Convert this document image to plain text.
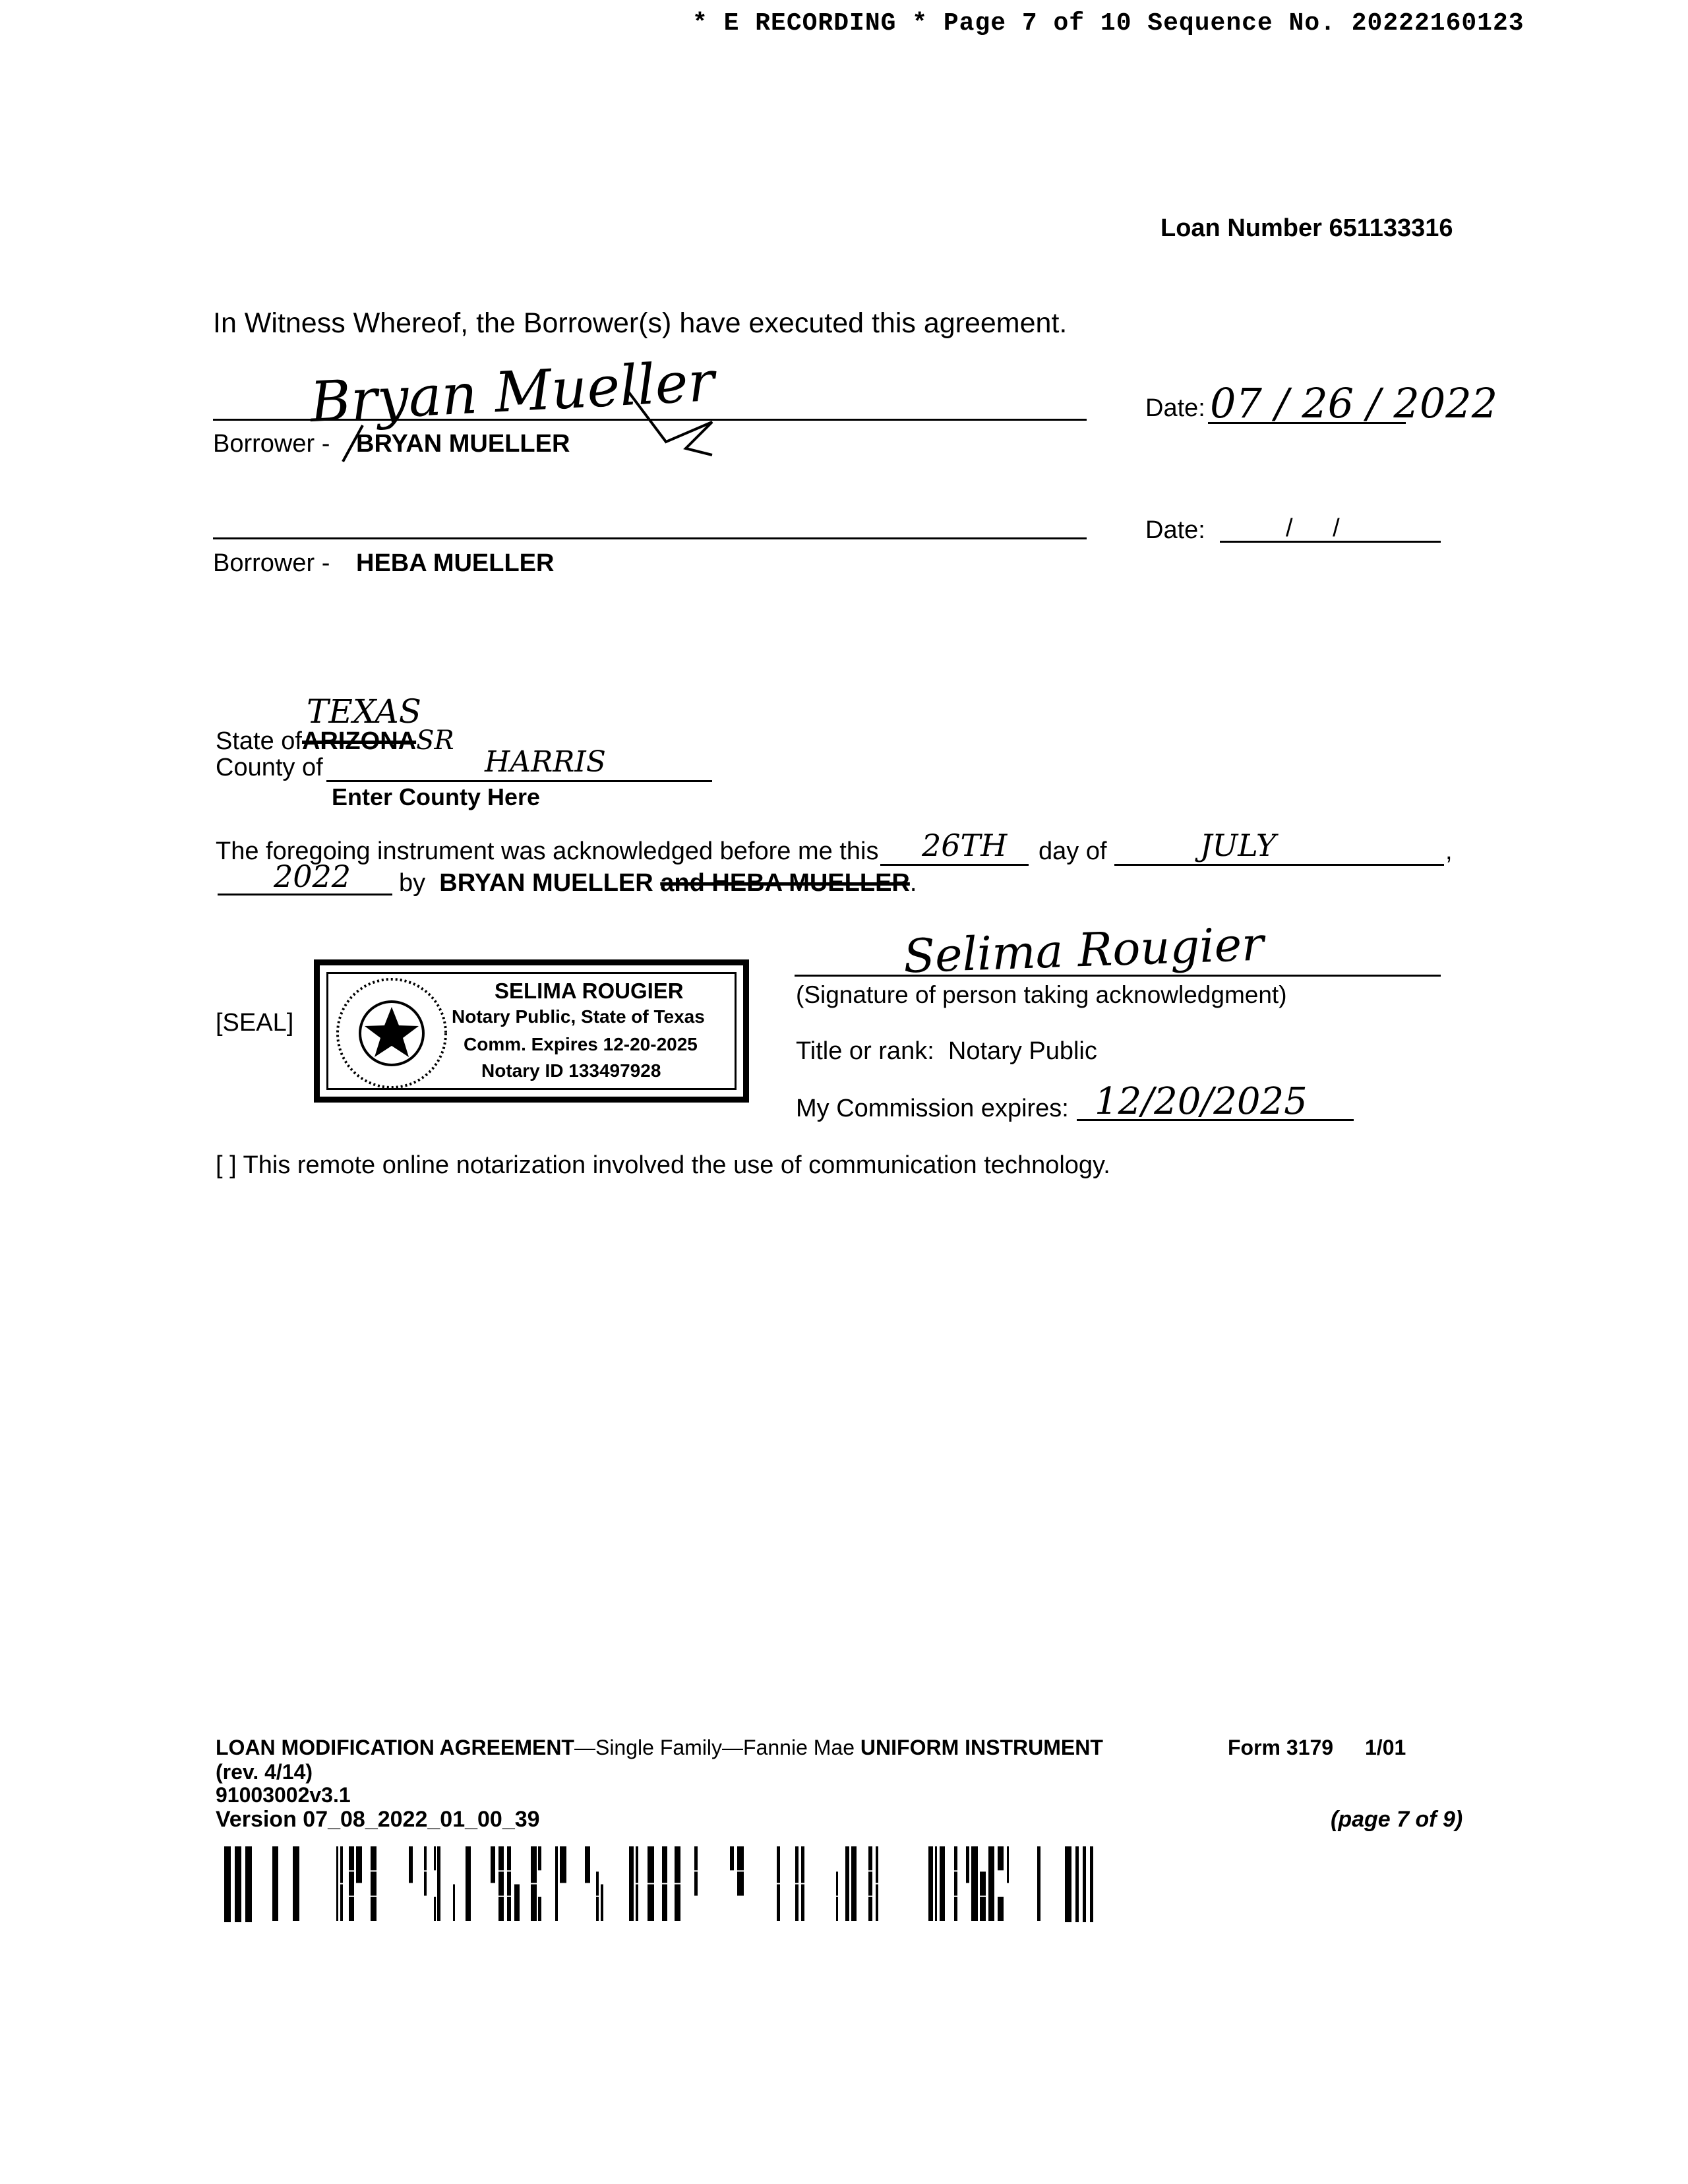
* E RECORDING * Page 7 of 10 Sequence No. 20222160123
Loan Number 651133316
In Witness Whereof, the Borrower(s) have executed this agreement.
Bryan Mueller
Borrower - BRYAN MUELLER
Date: 07 / 26 / 2022
Borrower - HEBA MUELLER
Date:	/ /
TEXAS
State ofARIZONASR
County of	HARRIS
Enter County Here
The foregoing instrument was acknowledged before me this 26TH day of	JULY	,
2022 by BRYAN MUELLER and HEBA MUELLER.
[SEAL]
SELIMA ROUGIER
Notary Public, State of Texas
Comm. Expires 12-20-2025
Notary ID 133497928
Selima Rougier
(Signature of person taking acknowledgment)
Title or rank: Notary Public
My Commission expires: 12/20/2025
[ ] This remote online notarization involved the use of communication technology.
LOAN MODIFICATION AGREEMENT—Single Family—Fannie Mae UNIFORM INSTRUMENT	Form 3179 1/01
(rev. 4/14)
91003002v3.1
Version 07_08_2022_01_00_39	(page 7 of 9)
